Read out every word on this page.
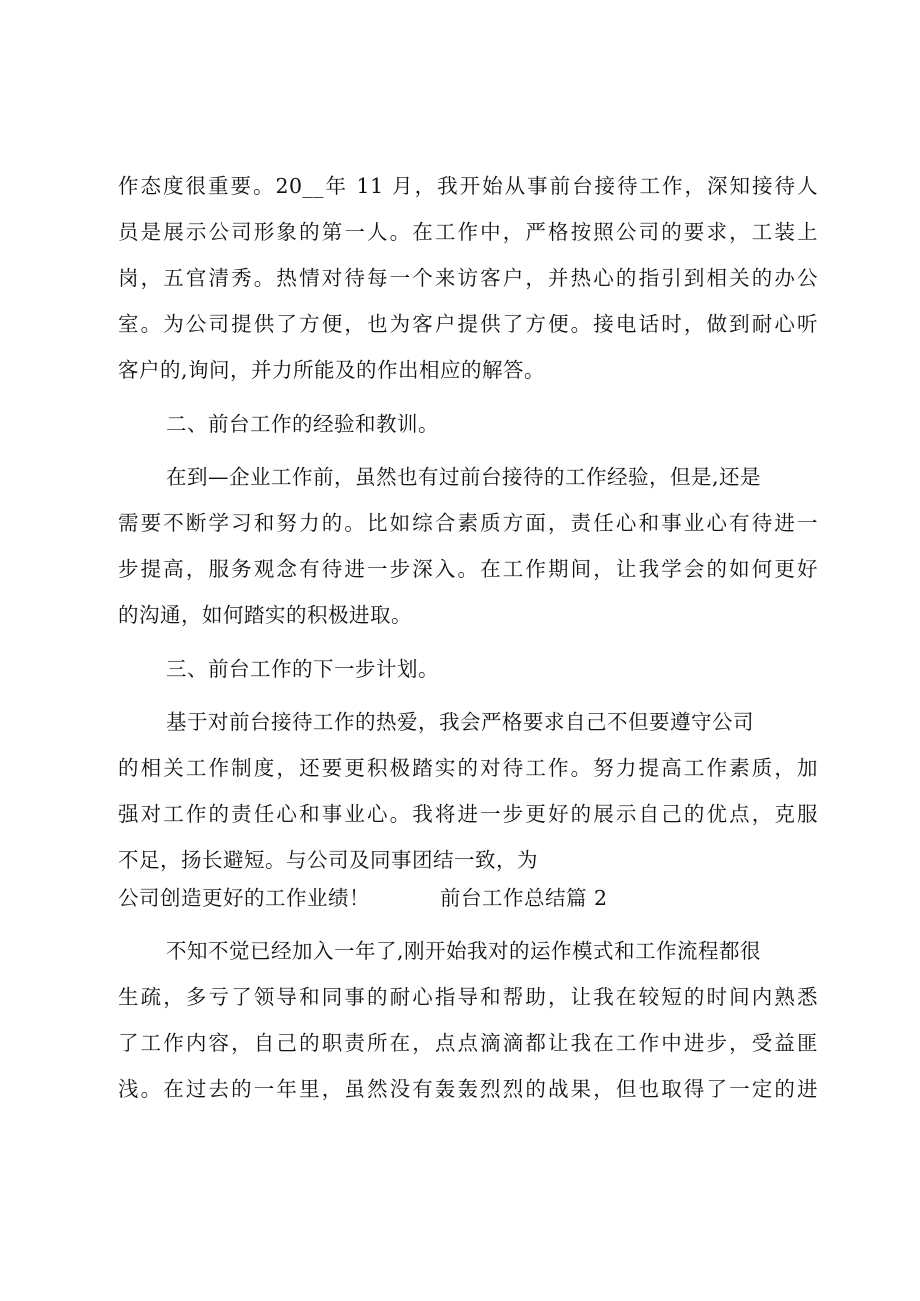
作态度很重要。20__年 11 月，我开始从事前台接待工作，深知接待人
员是展示公司形象的第一人。在工作中，严格按照公司的要求，工装上
岗，五官清秀。热情对待每一个来访客户，并热心的指引到相关的办公
室。为公司提供了方便，也为客户提供了方便。接电话时，做到耐心听
客户的,询问，并力所能及的作出相应的解答。
二、前台工作的经验和教训。
在到—企业工作前，虽然也有过前台接待的工作经验，但是,还是
需要不断学习和努力的。比如综合素质方面，责任心和事业心有待进一
步提高，服务观念有待进一步深入。在工作期间，让我学会的如何更好
的沟通，如何踏实的积极进取。
三、前台工作的下一步计划。
基于对前台接待工作的热爱，我会严格要求自己不但要遵守公司
的相关工作制度，还要更积极踏实的对待工作。努力提高工作素质，加
强对工作的责任心和事业心。我将进一步更好的展示自己的优点，克服
不足，扬长避短。与公司及同事团结一致，为
公司创造更好的工作业绩！	前台工作总结篇 2
不知不觉已经加入一年了,刚开始我对的运作模式和工作流程都很
生疏，多亏了领导和同事的耐心指导和帮助，让我在较短的时间内熟悉
了工作内容，自己的职责所在，点点滴滴都让我在工作中进步，受益匪
浅。在过去的一年里，虽然没有轰轰烈烈的战果，但也取得了一定的进
